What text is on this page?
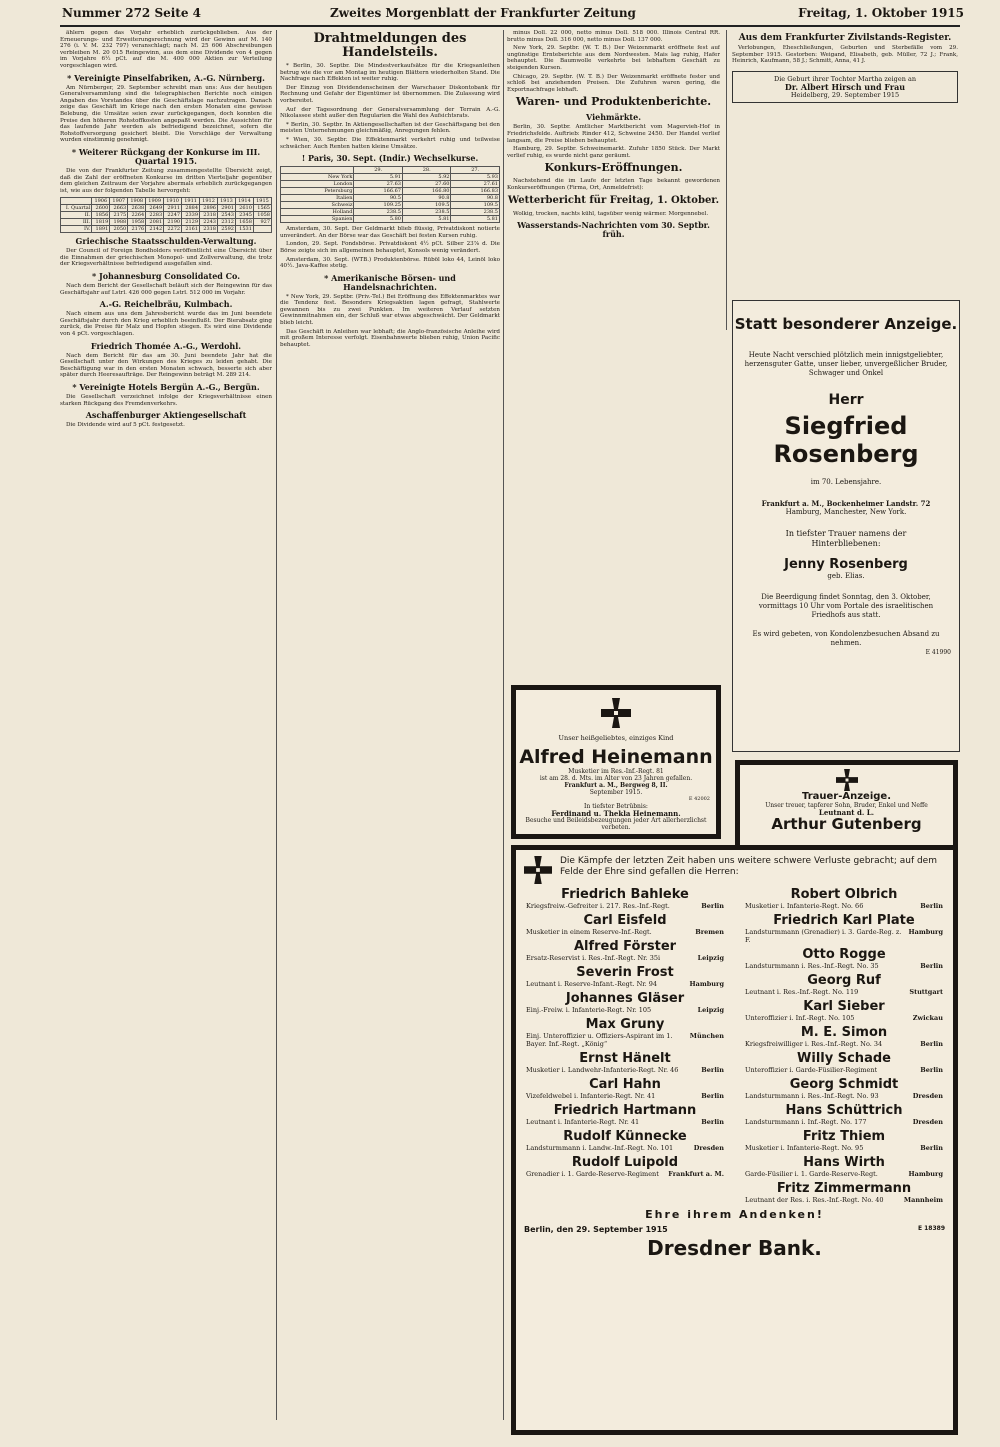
Nummer 272 Seite 4	Zweites Morgenblatt der Frankfurter Zeitung	Freitag, 1. Oktober 1915

ählern gegen das Vorjahr erheblich zurückgeblieben. Aus der Erneuerungs- und Erweiterungsrechnung wird der Gewinn auf M. 140 276 (i. V. M. 232 797) veranschlagt; nach M. 25 606 Abschreibungen verbleiben M. 20 015 Reingewinn, aus dem eine Dividende von 4 gegen im Vorjahre 6½ pCt. auf die M. 400 000 Aktien zur Verteilung vorgeschlagen wird.

* Vereinigte Pinselfabriken, A.-G. Nürnberg.

Am Nürnberger, 29. September schreibt man uns: Aus der heutigen Generalversammlung sind die telegraphischen Berichte noch einigen Angaben des Vorstandes über die Geschäftslage nachzutragen. Danach zeige das Geschäft im Kriege nach den ersten Monaten eine gewisse Belebung, die Umsätze seien zwar zurückgegangen, doch konnten die Preise den höheren Rohstoffkosten angepaßt werden. Die Aussichten für das laufende Jahr werden als befriedigend bezeichnet, sofern die Rohstoffversorgung gesichert bleibt. Die Vorschläge der Verwaltung wurden einstimmig genehmigt.

* Weiterer Rückgang der Konkurse im III. Quartal 1915.

Die von der Frankfurter Zeitung zusammengestellte Übersicht zeigt, daß die Zahl der eröffneten Konkurse im dritten Vierteljahr gegenüber dem gleichen Zeitraum der Vorjahre abermals erheblich zurückgegangen ist, wie aus der folgenden Tabelle hervorgeht:

	1906	1907	1908	1909	1910	1911	1912	1913	1914	1915
I. Quartal	2600	2663	2638	2649	2911	2884	2896	2901	2610	1565
II.	1856	2175	2264	2283	2247	2339	2318	2543	2345	1058
III.	1819	1988	1958	2081	2190	2129	2243	2312	1658	927
IV.	1891	2050	2176	2142	2272	2161	2318	2592	1531	
Griechische Staatsschulden-Verwaltung.

Der Council of Foreign Bondholders veröffentlicht eine Übersicht über die Einnahmen der griechischen Monopol- und Zollverwaltung, die trotz der Kriegsverhältnisse befriedigend ausgefallen sind.

* Johannesburg Consolidated Co.

Nach dem Bericht der Gesellschaft beläuft sich der Reingewinn für das Geschäftsjahr auf Lstrl. 426 000 gegen Lstrl. 512 000 im Vorjahr.

A.-G. Reichelbräu, Kulmbach.

Nach einem aus uns dem Jahresbericht wurde das im Juni beendete Geschäftsjahr durch den Krieg erheblich beeinflußt. Der Bierabsatz ging zurück, die Preise für Malz und Hopfen stiegen. Es wird eine Dividende von 4 pCt. vorgeschlagen.

Friedrich Thomée A.-G., Werdohl.

Nach dem Bericht für das am 30. Juni beendete Jahr hat die Gesellschaft unter den Wirkungen des Krieges zu leiden gehabt. Die Beschäftigung war in den ersten Monaten schwach, besserte sich aber später durch Heeresaufträge. Der Reingewinn beträgt M. 289 214.

* Vereinigte Hotels Bergün A.-G., Bergün.

Die Gesellschaft verzeichnet infolge der Kriegsverhältnisse einen starken Rückgang des Fremdenverkehrs.

Aschaffenburger Aktiengesellschaft

Die Dividende wird auf 5 pCt. festgesetzt.

Drahtmeldungen des Handelsteils.

* Berlin, 30. Septbr. Die Mindestverkaufsätze für die Kriegsanleihen betrug wie die vor am Montag im heutigen Blättern wiederholten Stand. Die Nachfrage nach Effekten ist weiter ruhig.

Der Einzug von Dividendenscheinen der Warschauer Diskontobank für Rechnung und Gefahr der Eigentümer ist übernommen. Die Zulassung wird vorbereitet.

Auf der Tagesordnung der Generalversammlung der Terrain A.-G. Nikolassee steht außer den Regularien die Wahl des Aufsichtsrats.

* Berlin, 30. Septbr. In Aktiengesellschaften ist der Geschäftsgang bei den meisten Unternehmungen gleichmäßig, Anregungen fehlen.

* Wien, 30. Septbr. Die Effektenmarkt verkehrt ruhig und teilweise schwächer. Auch Renten hatten kleine Umsätze.

! Paris, 30. Sept. (Indir.) Wechselkurse.
	29.	28.	27.
New York	5.91	5.92	5.93
London	27.63	27.60	27.61
Petersburg	166.67	166.80	166.83
Italien	90.5	90.8	90.8
Schweiz	109.25	109.5	109.5
Holland	238.5	238.5	238.5
Spanien	5.80	5.81	5.81

Amsterdam, 30. Sept. Der Geldmarkt blieb flüssig, Privatdiskont notierte unverändert. An der Börse war das Geschäft bei festen Kursen ruhig.

London, 29. Sept. Fondsbörse. Privatdiskont 4½ pCt. Silber 23⅞ d. Die Börse zeigte sich im allgemeinen behauptet, Konsols wenig verändert.

Amsterdam, 30. Sept. (WTB.) Produktenbörse. Rüböl loko 44, Leinöl loko 40½. Java-Kaffee stetig.

* Amerikanische Börsen- und Handelsnachrichten.

* New York, 29. Septbr. (Priv.-Tel.) Bei Eröffnung des Effektenmarktes war die Tendenz fest. Besonders Kriegsaktien lagen gefragt, Stahlwerte gewannen bis zu zwei Punkten. Im weiteren Verlauf setzten Gewinnmitnahmen ein, der Schluß war etwas abgeschwächt. Der Geldmarkt blieb leicht.

Das Geschäft in Anleihen war lebhaft; die Anglo-französische Anleihe wird mit großem Interesse verfolgt. Eisenbahnwerte blieben ruhig, Union Pacific behauptet.

minus Doll. 22 000, netto minus Doll. 518 000. Illinois Central RR. brutto minus Doll. 316 000, netto minus Doll. 137 000.

New York, 29. Septbr. (W. T. B.) Der Weizenmarkt eröffnete fest auf ungünstige Ernteberichte aus dem Nordwesten. Mais lag ruhig, Hafer behauptet. Die Baumwolle verkehrte bei lebhaftem Geschäft zu steigenden Kursen.

Chicago, 29. Septbr. (W. T. B.) Der Weizenmarkt eröffnete fester und schloß bei anziehenden Preisen. Die Zufuhren waren gering, die Exportnachfrage lebhaft.

Waren- und Produktenberichte.
Viehmärkte.

Berlin, 30. Septbr. Amtlicher Marktbericht vom Magervieh-Hof in Friedrichsfelde. Auftrieb: Rinder 412, Schweine 2450. Der Handel verlief langsam, die Preise blieben behauptet.

Hamburg, 29. Septbr. Schweinemarkt. Zufuhr 1850 Stück. Der Markt verlief ruhig, es wurde nicht ganz geräumt.

Konkurs-Eröffnungen.

Nachstehend die im Laufe der letzten Tage bekannt gewordenen Konkurseröffnungen (Firma, Ort, Anmeldefrist):

Wetterbericht für Freitag, 1. Oktober.

Wolkig, trocken, nachts kühl, tagsüber wenig wärmer. Morgennebel.

Wasserstands-Nachrichten vom 30. Septbr. früh.
Aus dem Frankfurter Zivilstands-Register.

Verlobungen, Eheschließungen, Geburten und Sterbefälle vom 29. September 1915. Gestorben: Weigand, Elisabeth, geb. Müller, 72 J.; Frank, Heinrich, Kaufmann, 58 J.; Schmitt, Anna, 41 J.

Die Geburt ihrer Tochter Martha zeigen an
Dr. Albert Hirsch und Frau
Heidelberg, 29. September 1915
Statt besonderer Anzeige.
Heute Nacht verschied plötzlich mein innigstgeliebter, herzensguter Gatte, unser lieber, unvergeßlicher Bruder, Schwager und Onkel
Herr
Siegfried Rosenberg
im 70. Lebensjahre.
Frankfurt a. M., Bockenheimer Landstr. 72
Hamburg, Manchester, New York.
In tiefster Trauer namens der Hinterbliebenen:
Jenny Rosenberg
geb. Elias.
Die Beerdigung findet Sonntag, den 3. Oktober, vormittags 10 Uhr vom Portale des israelitischen Friedhofs aus statt.
Es wird gebeten, von Kondolenzbesuchen Absand zu nehmen.
E 41990
Unser heißgeliebtes, einziges Kind
Alfred Heinemann
Musketier im Res.-Inf.-Regt. 81
ist am 28. d. Mts. im Alter von 23 Jahren gefallen.
Frankfurt a. M., Bergweg 8, II.
September 1915.
E 42002
In tiefster Betrübnis:
Ferdinand u. Thekla Heinemann.
Besuche und Beileidsbezeugungen jeder Art allerherzlichst verbeten.
Trauer-Anzeige.
Unser treuer, tapferer Sohn, Bruder, Enkel und Neffe
Leutnant d. L.
Arthur Gutenberg
Die Kämpfe der letzten Zeit haben uns weitere schwere Verluste gebracht; auf dem Felde der Ehre sind gefallen die Herren:
Friedrich Bahleke
Kriegsfreiw.-Gefreiter i. 217. Res.-Inf.-Regt.	Berlin
Carl Eisfeld
Musketier in einem Reserve-Inf.-Regt.	Bremen
Alfred Förster
Ersatz-Reservist i. Res.-Inf.-Regt. Nr. 35i	Leipzig
Severin Frost
Leutnant i. Reserve-Infant.-Regt. Nr. 94	Hamburg
Johannes Gläser
Einj.-Freiw. i. Infanterie-Regt. Nr. 105	Leipzig
Max Gruny
Einj. Unteroffizier u. Offiziers-Aspirant im 1. Bayer. Inf.-Regt. „König“
München
Ernst Hänelt
Musketier i. Landwehr-Infanterie-Regt. Nr. 46	Berlin
Carl Hahn
Vizefeldwebel i. Infanterie-Regt. Nr. 41	Berlin
Friedrich Hartmann
Leutnant i. Infanterie-Regt. Nr. 41	Berlin
Rudolf Künnecke
Landsturmmann i. Landw.-Inf.-Regt. No. 101	Dresden
Rudolf Luipold
Grenadier i. 1. Garde-Reserve-Regiment Frankfurt a. M.
Robert Olbrich
Musketier i. Infanterie-Regt. No. 66	Berlin
Friedrich Karl Plate
Landsturmmann (Grenadier) i. 3. Garde-Reg. z. F.
Hamburg
Otto Rogge
Landsturmmann i. Res.-Inf.-Regt. No. 35	Berlin
Georg Ruf
Leutnant i. Res.-Inf.-Regt. No. 119	Stuttgart
Karl Sieber
Unteroffizier i. Inf.-Regt. No. 105	Zwickau
M. E. Simon
Kriegsfreiwilliger i. Res.-Inf.-Regt. No. 34	Berlin
Willy Schade
Unteroffizier i. Garde-Füsilier-Regiment	Berlin
Georg Schmidt
Landsturmmann i. Res.-Inf.-Regt. No. 93	Dresden
Hans Schüttrich
Landsturmmann i. Inf.-Regt. No. 177	Dresden
Fritz Thiem
Musketier i. Infanterie-Regt. No. 95	Berlin
Hans Wirth
Garde-Füsilier i. 1. Garde-Reserve-Regt.	Hamburg
Fritz Zimmermann
Leutnant der Res. i. Res.-Inf.-Regt. No. 40	Mannheim
Ehre ihrem Andenken!
Berlin, den 29. September 1915	E 18389
Dresdner Bank.
